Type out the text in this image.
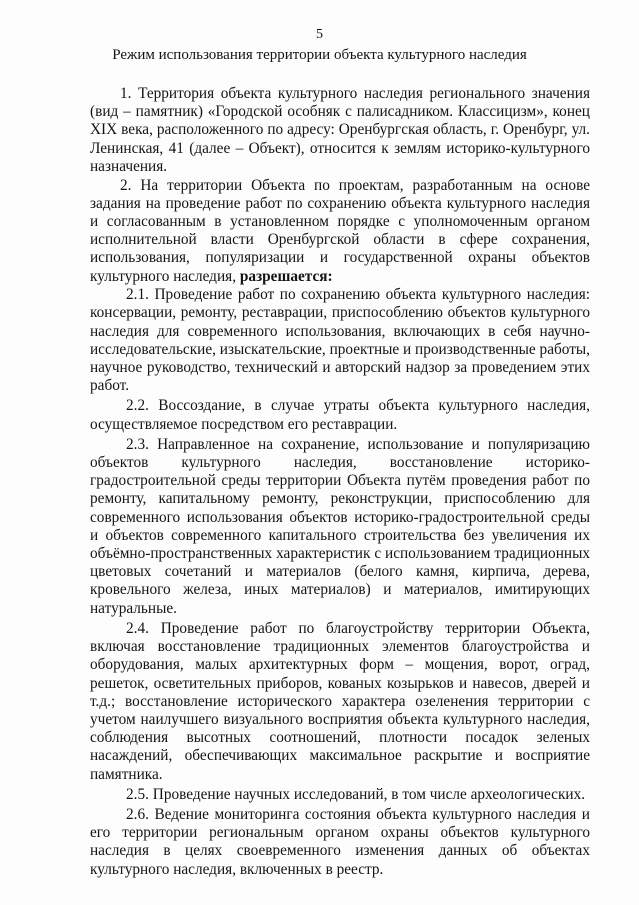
5
Режим использования территории объекта культурного наследия

1. Территория объекта культурного наследия регионального значения (вид – памятник) «Городской особняк с палисадником. Классицизм», конец XIX века, расположенного по адресу: Оренбургская область, г. Оренбург, ул. Ленинская, 41 (далее – Объект), относится к землям историко-культурного назначения.

2. На территории Объекта по проектам, разработанным на основе задания на проведение работ по сохранению объекта культурного наследия и согласованным в установленном порядке с уполномоченным органом исполнительной власти Оренбургской области в сфере сохранения, использования, популяризации и государственной охраны объектов культурного наследия, разрешается:

2.1. Проведение работ по сохранению объекта культурного наследия: консервации, ремонту, реставрации, приспособлению объектов культурного наследия для современного использования, включающих в себя научно-исследовательские, изыскательские, проектные и производственные работы, научное руководство, технический и авторский надзор за проведением этих работ.

2.2. Воссоздание, в случае утраты объекта культурного наследия, осуществляемое посредством его реставрации.

2.3. Направленное на сохранение, использование и популяризацию объектов культурного наследия, восстановление историко-градостроительной среды территории Объекта путём проведения работ по ремонту, капитальному ремонту, реконструкции, приспособлению для современного использования объектов историко-градостроительной среды и объектов современного капитального строительства без увеличения их объёмно-пространственных характеристик с использованием традиционных цветовых сочетаний и материалов (белого камня, кирпича, дерева, кровельного железа, иных материалов) и материалов, имитирующих натуральные.

2.4. Проведение работ по благоустройству территории Объекта, включая восстановление традиционных элементов благоустройства и оборудования, малых архитектурных форм – мощения, ворот, оград, решеток, осветительных приборов, кованых козырьков и навесов, дверей и т.д.; восстановление исторического характера озеленения территории с учетом наилучшего визуального восприятия объекта культурного наследия, соблюдения высотных соотношений, плотности посадок зеленых насаждений, обеспечивающих максимальное раскрытие и восприятие памятника.

2.5. Проведение научных исследований, в том числе археологических.

2.6. Ведение мониторинга состояния объекта культурного наследия и его территории региональным органом охраны объектов культурного наследия в целях своевременного изменения данных об объектах культурного наследия, включенных в реестр.
